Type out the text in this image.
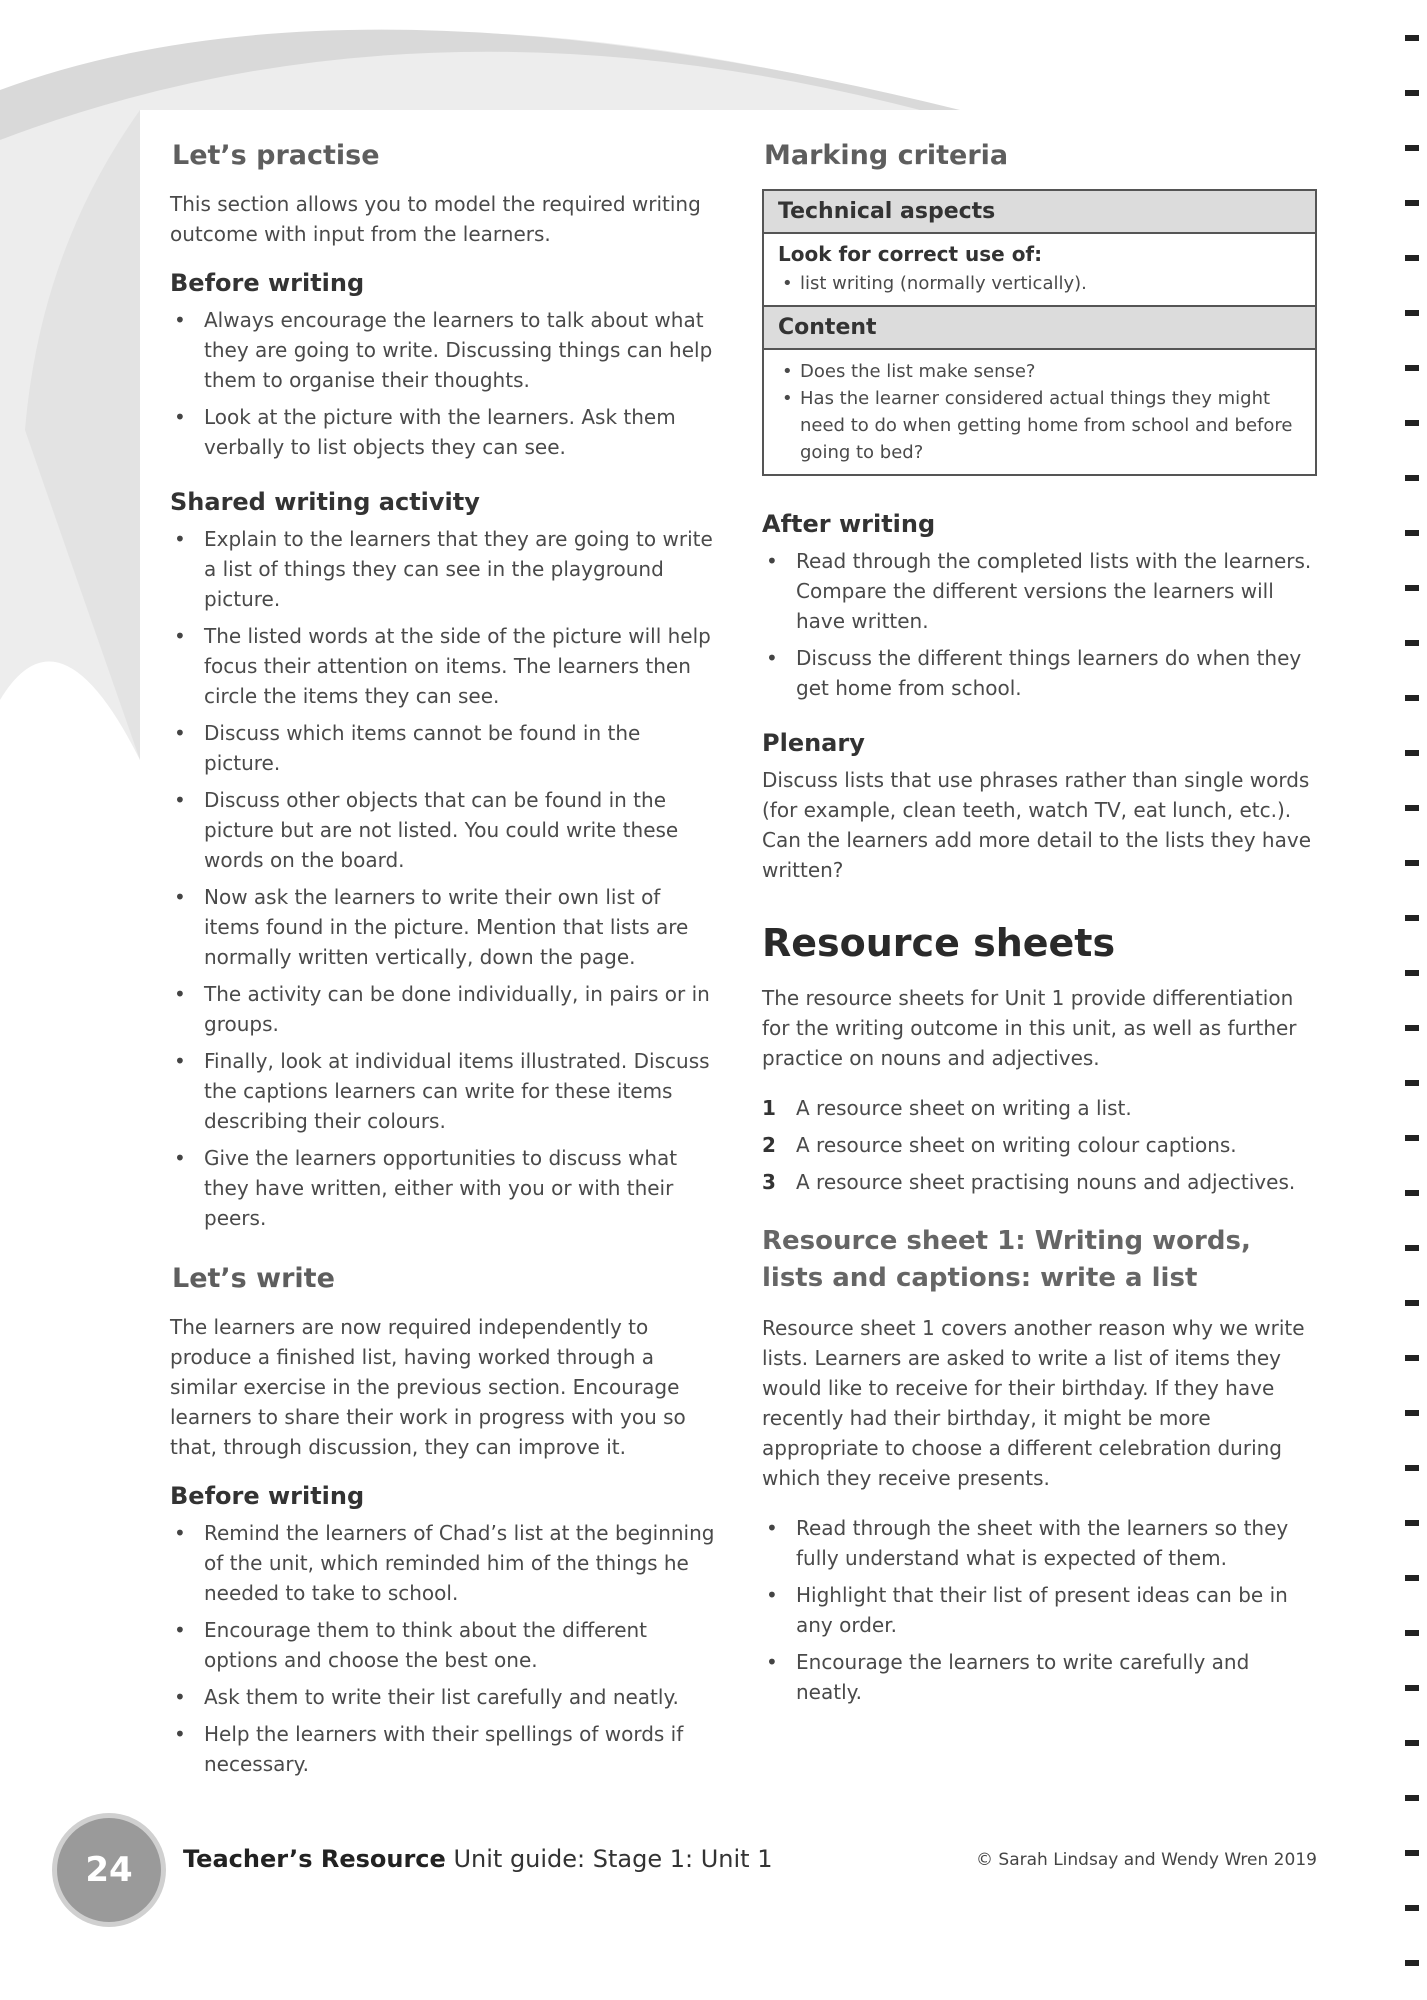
Let’s practise

This section allows you to model the required writing outcome with input from the learners.

Before writing
• Always encourage the learners to talk about what they are going to write. Discussing things can help them to organise their thoughts.
• Look at the picture with the learners. Ask them verbally to list objects they can see.
Shared writing activity
• Explain to the learners that they are going to write a list of things they can see in the playground picture.
• The listed words at the side of the picture will help focus their attention on items. The learners then circle the items they can see.
• Discuss which items cannot be found in the picture.
• Discuss other objects that can be found in the picture but are not listed. You could write these words on the board.
• Now ask the learners to write their own list of items found in the picture. Mention that lists are normally written vertically, down the page.
• The activity can be done individually, in pairs or in groups.
• Finally, look at individual items illustrated. Discuss the captions learners can write for these items describing their colours.
• Give the learners opportunities to discuss what they have written, either with you or with their peers.
Let’s write

The learners are now required independently to produce a finished list, having worked through a similar exercise in the previous section. Encourage learners to share their work in progress with you so that, through discussion, they can improve it.

Before writing
• Remind the learners of Chad’s list at the beginning of the unit, which reminded him of the things he needed to take to school.
• Encourage them to think about the different options and choose the best one.
• Ask them to write their list carefully and neatly.
• Help the learners with their spellings of words if necessary.
Marking criteria
Technical aspects
Look for correct use of:
• list writing (normally vertically).
Content
• Does the list make sense?
• Has the learner considered actual things they might need to do when getting home from school and before going to bed?
After writing
• Read through the completed lists with the learners. Compare the different versions the learners will have written.
• Discuss the different things learners do when they get home from school.
Plenary

Discuss lists that use phrases rather than single words (for example, clean teeth, watch TV, eat lunch, etc.). Can the learners add more detail to the lists they have written?

Resource sheets

The resource sheets for Unit 1 provide differentiation for the writing outcome in this unit, as well as further practice on nouns and adjectives.

1 A resource sheet on writing a list.
2 A resource sheet on writing colour captions.
3 A resource sheet practising nouns and adjectives.
Resource sheet 1: Writing words, lists and captions: write a list

Resource sheet 1 covers another reason why we write lists. Learners are asked to write a list of items they would like to receive for their birthday. If they have recently had their birthday, it might be more appropriate to choose a different celebration during which they receive presents.

• Read through the sheet with the learners so they fully understand what is expected of them.
• Highlight that their list of present ideas can be in any order.
• Encourage the learners to write carefully and neatly.
24	Teacher’s Resource Unit guide: Stage 1: Unit 1	© Sarah Lindsay and Wendy Wren 2019
